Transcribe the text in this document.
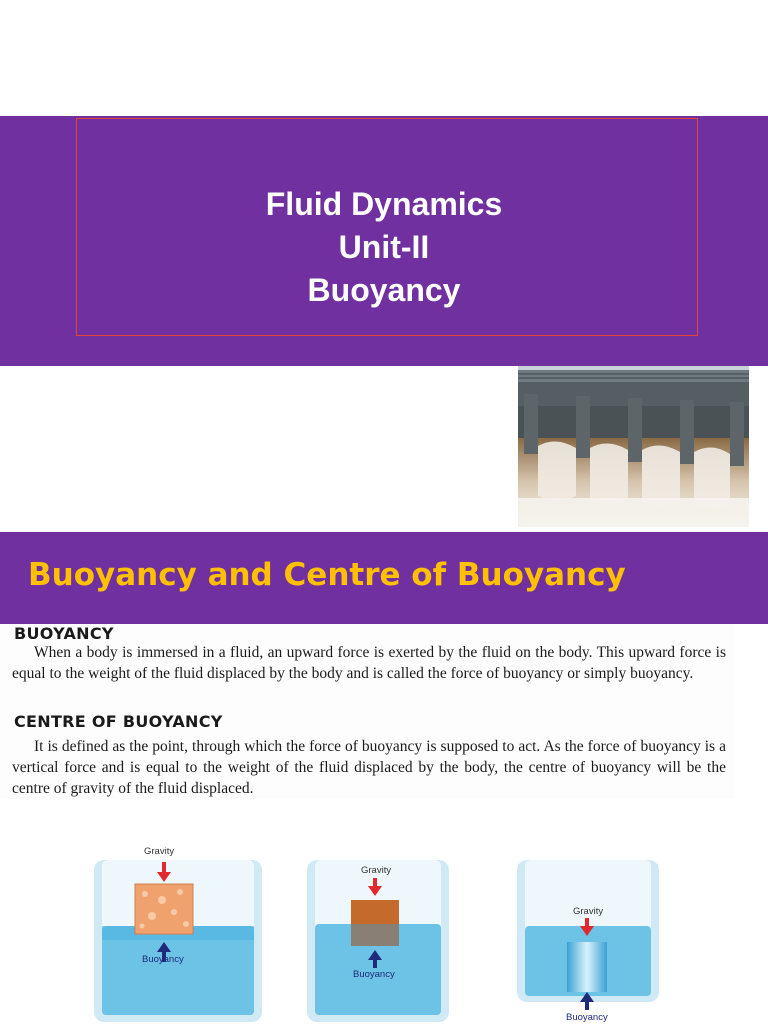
Fluid Dynamics
Unit-II
Buoyancy
Buoyancy and Centre of Buoyancy
BUOYANCY
When a body is immersed in a fluid, an upward force is exerted by the fluid on the body. This upward force is equal to the weight of the fluid displaced by the body and is called the force of buoyancy or simply buoyancy.
CENTRE OF BUOYANCY
It is defined as the point, through which the force of buoyancy is supposed to act. As the force of buoyancy is a vertical force and is equal to the weight of the fluid displaced by the body, the centre of buoyancy will be the centre of gravity of the fluid displaced.
Gravity
Buoyancy
Gravity
Buoyancy
Gravity
Buoyancy
